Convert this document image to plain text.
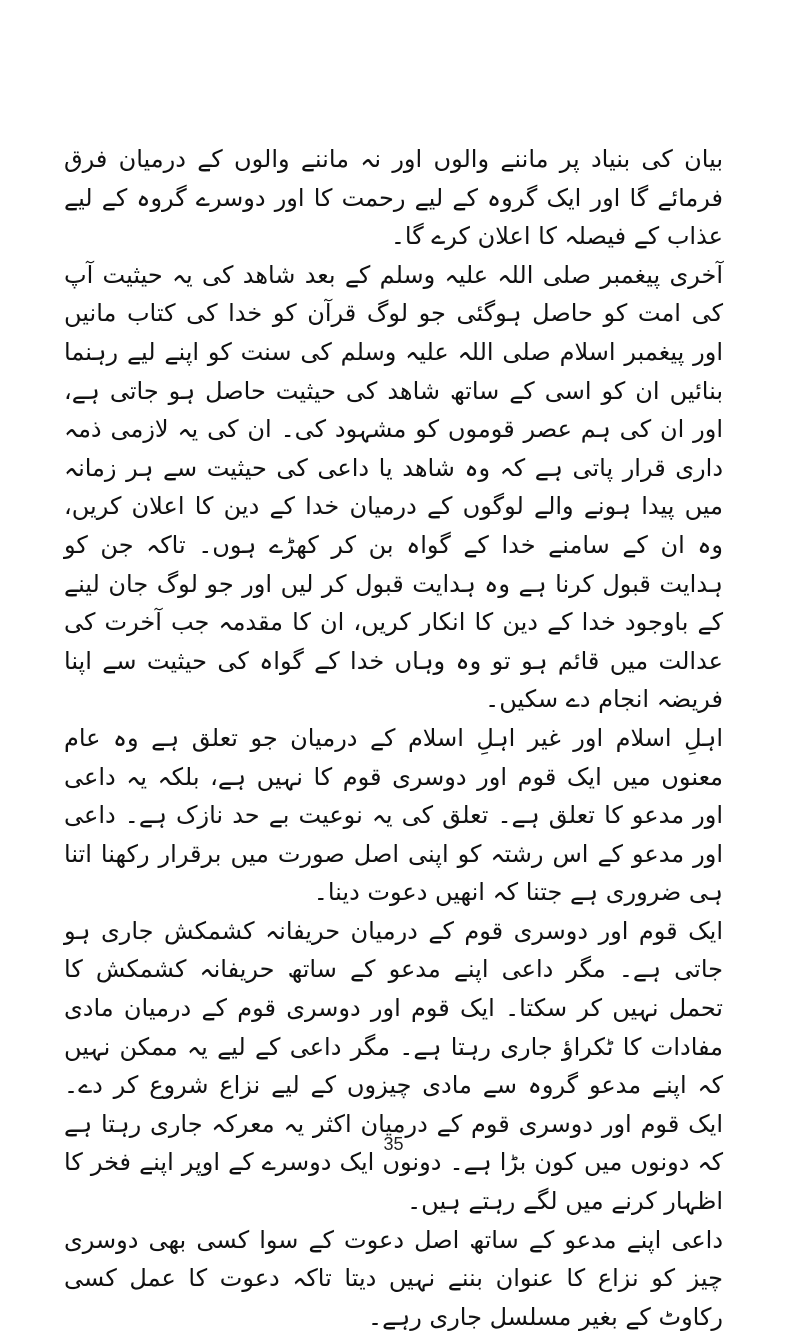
بیان کی بنیاد پر ماننے والوں اور نہ ماننے والوں کے درمیان فرق فرمائے گا اور ایک گروہ کے لیے رحمت کا اور دوسرے گروہ کے لیے عذاب کے فیصلہ کا اعلان کرے گا۔

آخری پیغمبر صلی اللہ علیہ وسلم کے بعد شاھد کی یہ حیثیت آپ کی امت کو حاصل ہوگئی جو لوگ قرآن کو خدا کی کتاب مانیں اور پیغمبر اسلام صلی اللہ علیہ وسلم کی سنت کو اپنے لیے رہنما بنائیں ان کو اسی کے ساتھ شاھد کی حیثیت حاصل ہو جاتی ہے، اور ان کی ہم عصر قوموں کو مشہود کی۔ ان کی یہ لازمی ذمہ داری قرار پاتی ہے کہ وہ شاھد یا داعی کی حیثیت سے ہر زمانہ میں پیدا ہونے والے لوگوں کے درمیان خدا کے دین کا اعلان کریں، وہ ان کے سامنے خدا کے گواہ بن کر کھڑے ہوں۔ تاکہ جن کو ہدایت قبول کرنا ہے وہ ہدایت قبول کر لیں اور جو لوگ جان لینے کے باوجود خدا کے دین کا انکار کریں، ان کا مقدمہ جب آخرت کی عدالت میں قائم ہو تو وہ وہاں خدا کے گواہ کی حیثیت سے اپنا فریضہ انجام دے سکیں۔

اہلِ اسلام اور غیر اہلِ اسلام کے درمیان جو تعلق ہے وہ عام معنوں میں ایک قوم اور دوسری قوم کا نہیں ہے، بلکہ یہ داعی اور مدعو کا تعلق ہے۔ تعلق کی یہ نوعیت بے حد نازک ہے۔ داعی اور مدعو کے اس رشتہ کو اپنی اصل صورت میں برقرار رکھنا اتنا ہی ضروری ہے جتنا کہ انھیں دعوت دینا۔

ایک قوم اور دوسری قوم کے درمیان حریفانہ کشمکش جاری ہو جاتی ہے۔ مگر داعی اپنے مدعو کے ساتھ حریفانہ کشمکش کا تحمل نہیں کر سکتا۔ ایک قوم اور دوسری قوم کے درمیان مادی مفادات کا ٹکراؤ جاری رہتا ہے۔ مگر داعی کے لیے یہ ممکن نہیں کہ اپنے مدعو گروہ سے مادی چیزوں کے لیے نزاع شروع کر دے۔ ایک قوم اور دوسری قوم کے درمیان اکثر یہ معرکہ جاری رہتا ہے کہ دونوں میں کون بڑا ہے۔ دونوں ایک دوسرے کے اوپر اپنے فخر کا اظہار کرنے میں لگے رہتے ہیں۔

داعی اپنے مدعو کے ساتھ اصل دعوت کے سوا کسی بھی دوسری چیز کو نزاع کا عنوان بننے نہیں دیتا تاکہ دعوت کا عمل کسی رکاوٹ کے بغیر مسلسل جاری رہے۔

35
